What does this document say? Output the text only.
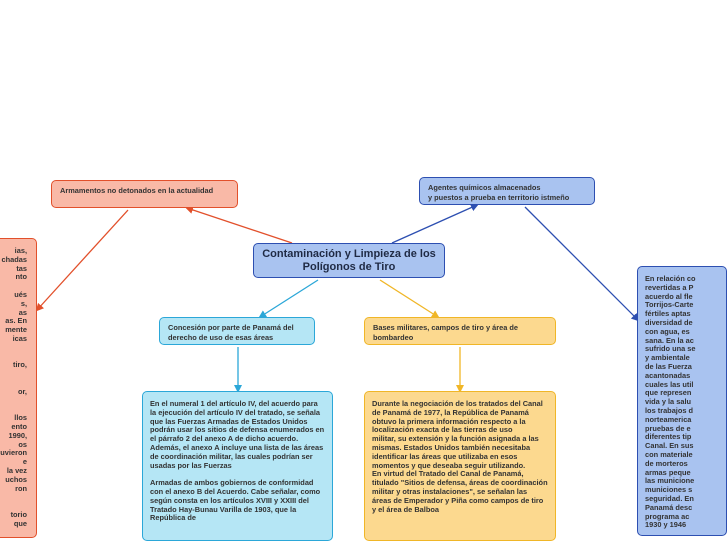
Contaminación y Limpieza de los Polígonos de Tiro
Armamentos no detonados en la actualidad	Agentes químicos almacenados
y puestos a prueba en territorio istmeño
Concesión por parte de Panamá del derecho de uso de esas áreas
Bases militares, campos de tiro y área de bombardeo
ias,
chadas
tas
nto

ués
s,
as
as. En
mente
icas

tiro,

or,

llos
ento
1990,
os
uvieron
e
la vez
uchos
ron

torio
que
En relación co
revertidas a P
acuerdo al fle
Torrijos-Carte
fértiles aptas
diversidad de
con agua, es
sana. En la ac
sufrido una se
y ambientale
de las Fuerza
acantonadas
cuales las util
que represen
vida y la salu
los trabajos d
norteamerica
pruebas de e
diferentes tip
Canal. En sus
con materiale
de morteros
armas peque
las municione
municiones s
seguridad. En
Panamá desc
programa ac
1930 y 1946
En el numeral 1 del artículo IV, del acuerdo para la ejecución del artículo IV del tratado, se señala que las Fuerzas Armadas de Estados Unidos podrán usar los sitios de defensa enumerados en el párrafo 2 del anexo A de dicho acuerdo.
Además, el anexo A incluye una lista de las áreas de coordinación militar, las cuales podrían ser usadas por las Fuerzas

Armadas de ambos gobiernos de conformidad con el anexo B del Acuerdo. Cabe señalar, como según consta en los artículos XVIII y XXIII del Tratado Hay-Bunau Varilla de 1903, que la República de
Durante la negociación de los tratados del Canal de Panamá de 1977, la República de Panamá obtuvo la primera información respecto a la localización exacta de las tierras de uso
militar, su extensión y la función asignada a las mismas. Estados Unidos también necesitaba identificar las áreas que utilizaba en esos momentos y que deseaba seguir utilizando.
En virtud del Tratado del Canal de Panamá, titulado "Sitios de defensa, áreas de coordinación militar y otras instalaciones", se señalan las áreas de Emperador y Piña como campos de tiro y el área de Balboa
